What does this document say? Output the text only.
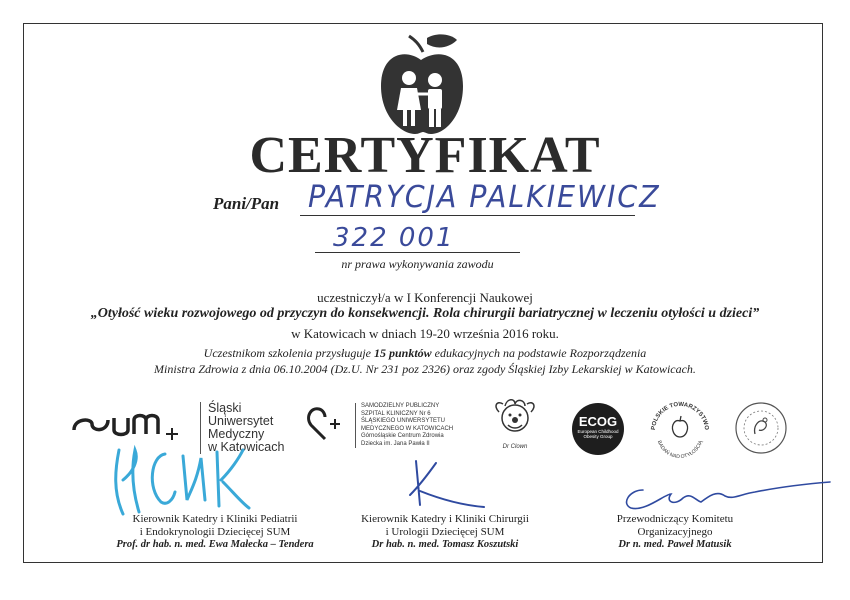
CERTYFIKAT
Pani/Pan PATRYCJA PALKIEWICZ
322 001
nr prawa wykonywania zawodu
uczestniczył/a w I Konferencji Naukowej
„Otyłość wieku rozwojowego od przyczyn do konsekwencji. Rola chirurgii bariatrycznej w leczeniu otyłości u dzieci”
w Katowicach w dniach 19-20 września 2016 roku.
Uczestnikom szkolenia przysługuje 15 punktów edukacyjnych na podstawie Rozporządzenia
Ministra Zdrowia z dnia 06.10.2004 (Dz.U. Nr 231 poz 2326) oraz zgody Śląskiej Izby Lekarskiej w Katowicach.
Śląski
Uniwersytet
Medyczny
w Katowicach
SAMODZIELNY PUBLICZNY
SZPITAL KLINICZNY Nr 6
ŚLĄSKIEGO UNIWERSYTETU
MEDYCZNEGO W KATOWICACH
Górnośląskie Centrum Zdrowia
Dziecka im. Jana Pawła II
Dr Clown
ECOG
European Childhood
Obesity Group
POLSKIE TOWARZYSTWO
BADAŃ NAD OTYŁOŚCIĄ
Kierownik Katedry i Kliniki Pediatrii
i Endokrynologii Dziecięcej SUM
Prof. dr hab. n. med. Ewa Małecka – Tendera
Kierownik Katedry i Kliniki Chirurgii
i Urologii Dziecięcej SUM
Dr hab. n. med. Tomasz Koszutski
Przewodniczący Komitetu
Organizacyjnego
Dr n. med. Paweł Matusik
